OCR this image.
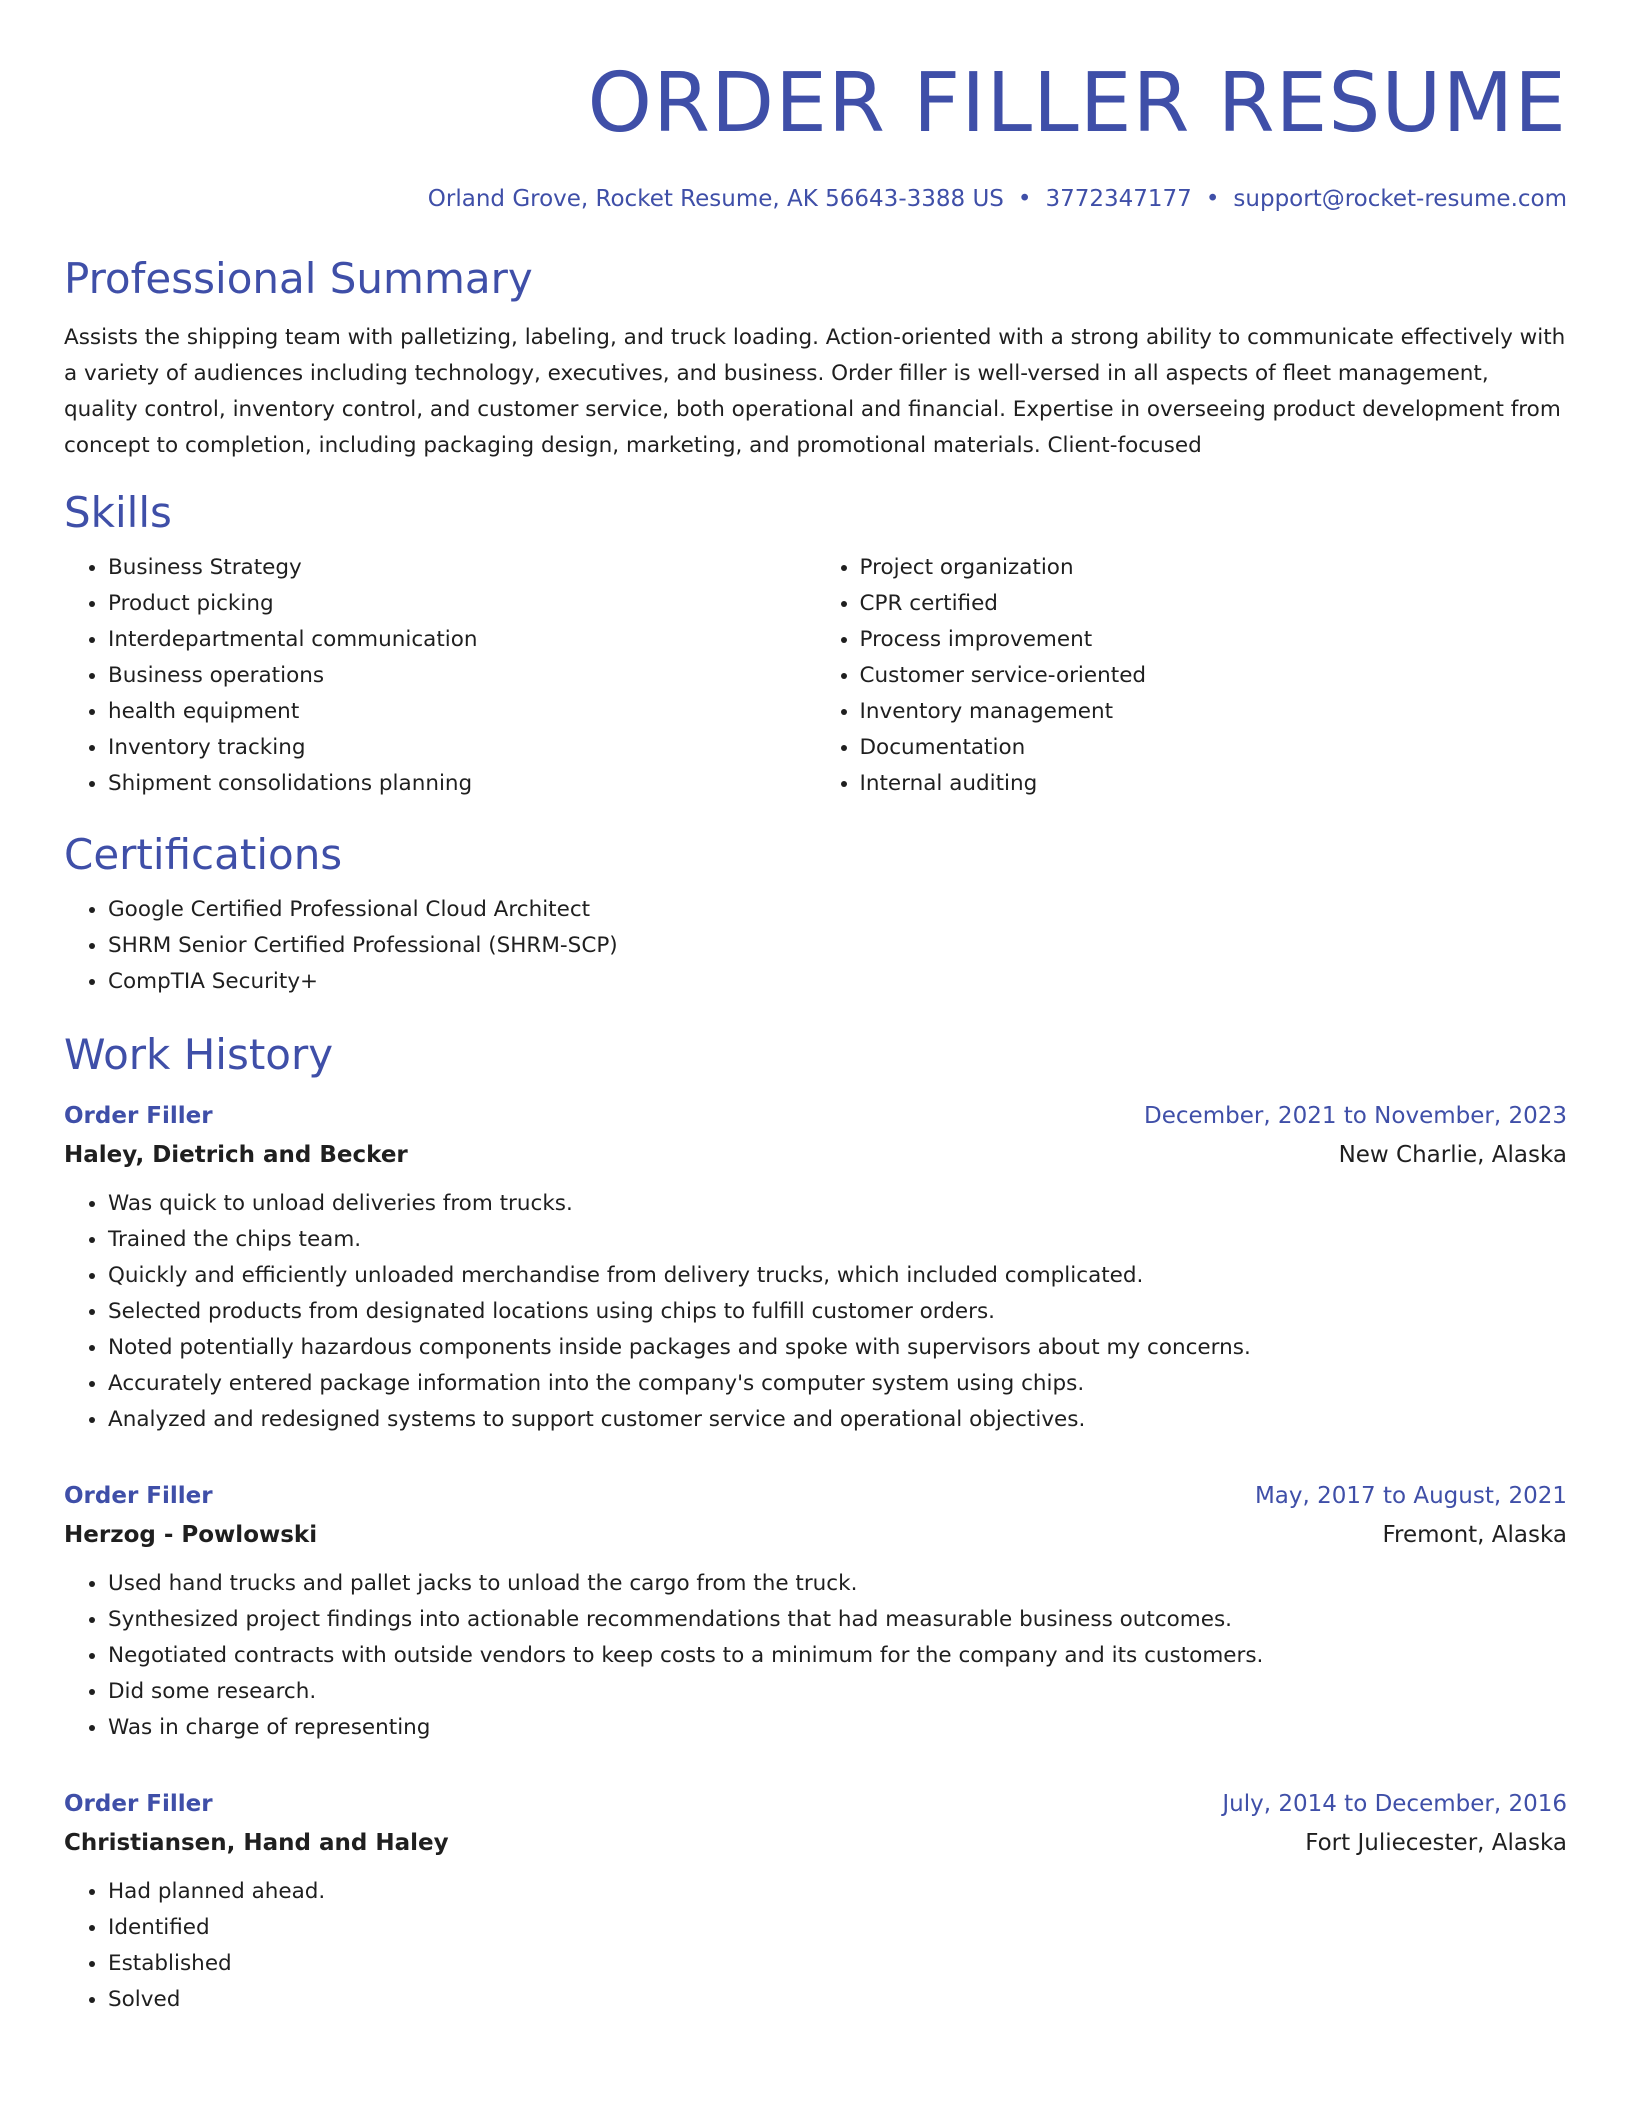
ORDER FILLER RESUME
Orland Grove, Rocket Resume, AK 56643-3388 US • 3772347177 • support@rocket-resume.com
Professional Summary

Assists the shipping team with palletizing, labeling, and truck loading. Action-oriented with a strong ability to communicate effectively with a variety of audiences including technology, executives, and business. Order filler is well-versed in all aspects of fleet management, quality control, inventory control, and customer service, both operational and financial. Expertise in overseeing product development from concept to completion, including packaging design, marketing, and promotional materials. Client-focused

Skills
• Business Strategy
• Product picking
• Interdepartmental communication
• Business operations
• health equipment
• Inventory tracking
• Shipment consolidations planning
• Project organization
• CPR certified
• Process improvement
• Customer service-oriented
• Inventory management
• Documentation
• Internal auditing
Certifications
• Google Certified Professional Cloud Architect
• SHRM Senior Certified Professional (SHRM-SCP)
• CompTIA Security+
Work History
Order Filler	December, 2021 to November, 2023
Haley, Dietrich and Becker	New Charlie, Alaska
• Was quick to unload deliveries from trucks.
• Trained the chips team.
• Quickly and efficiently unloaded merchandise from delivery trucks, which included complicated.
• Selected products from designated locations using chips to fulfill customer orders.
• Noted potentially hazardous components inside packages and spoke with supervisors about my concerns.
• Accurately entered package information into the company's computer system using chips.
• Analyzed and redesigned systems to support customer service and operational objectives.
Order Filler	May, 2017 to August, 2021
Herzog - Powlowski	Fremont, Alaska
• Used hand trucks and pallet jacks to unload the cargo from the truck.
• Synthesized project findings into actionable recommendations that had measurable business outcomes.
• Negotiated contracts with outside vendors to keep costs to a minimum for the company and its customers.
• Did some research.
• Was in charge of representing
Order Filler	July, 2014 to December, 2016
Christiansen, Hand and Haley	Fort Juliecester, Alaska
• Had planned ahead.
• Identified
• Established
• Solved
